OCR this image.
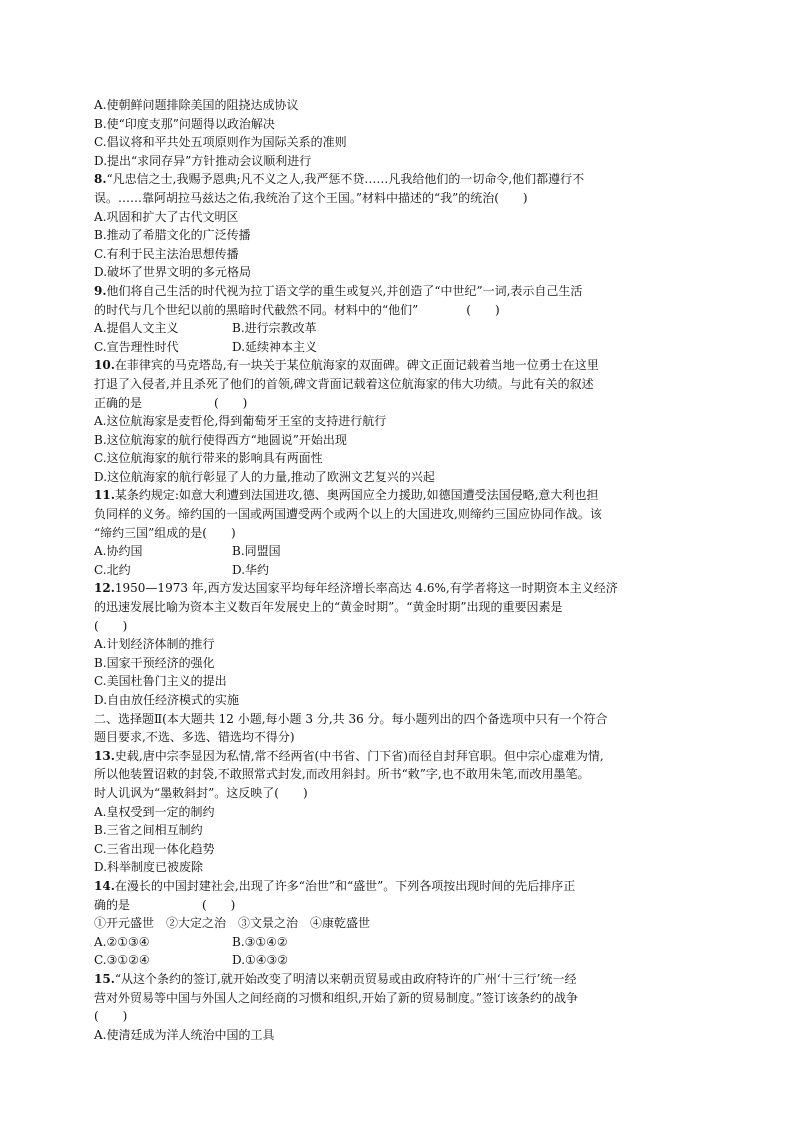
A.使朝鲜问题排除美国的阻挠达成协议
B.使“印度支那”问题得以政治解决
C.倡议将和平共处五项原则作为国际关系的准则
D.提出“求同存异”方针推动会议顺利进行
8.“凡忠信之士,我赐予恩典;凡不义之人,我严惩不贷……凡我给他们的一切命令,他们都遵行不
误。……靠阿胡拉马兹达之佑,我统治了这个王国。”材料中描述的“我”的统治(　　)
A.巩固和扩大了古代文明区
B.推动了希腊文化的广泛传播
C.有利于民主法治思想传播
D.破坏了世界文明的多元格局
9.他们将自己生活的时代视为拉丁语文学的重生或复兴,并创造了“中世纪”一词,表示自己生活
的时代与几个世纪以前的黑暗时代截然不同。材料中的“他们”　　　　(　　)
A.提倡人文主义	B.进行宗教改革
C.宣告理性时代	D.延续神本主义
10.在菲律宾的马克塔岛,有一块关于某位航海家的双面碑。碑文正面记载着当地一位勇士在这里
打退了入侵者,并且杀死了他们的首领,碑文背面记载着这位航海家的伟大功绩。与此有关的叙述
正确的是　　　　　　(　　)
A.这位航海家是麦哲伦,得到葡萄牙王室的支持进行航行
B.这位航海家的航行使得西方“地圆说”开始出现
C.这位航海家的航行带来的影响具有两面性
D.这位航海家的航行彰显了人的力量,推动了欧洲文艺复兴的兴起
11.某条约规定:如意大利遭到法国进攻,德、奥两国应全力援助,如德国遭受法国侵略,意大利也担
负同样的义务。缔约国的一国或两国遭受两个或两个以上的大国进攻,则缔约三国应协同作战。该
“缔约三国”组成的是(　　)
A.协约国	B.同盟国
C.北约	D.华约
12.1950—1973 年,西方发达国家平均每年经济增长率高达 4.6%,有学者将这一时期资本主义经济
的迅速发展比喻为资本主义数百年发展史上的“黄金时期”。“黄金时期”出现的重要因素是
(　　)
A.计划经济体制的推行
B.国家干预经济的强化
C.美国杜鲁门主义的提出
D.自由放任经济模式的实施
二、选择题Ⅱ(本大题共 12 小题,每小题 3 分,共 36 分。每小题列出的四个备选项中只有一个符合
题目要求,不选、多选、错选均不得分)
13.史载,唐中宗李显因为私情,常不经两省(中书省、门下省)而径自封拜官职。但中宗心虚难为情,
所以他装置诏敕的封袋,不敢照常式封发,而改用斜封。所书“敕”字,也不敢用朱笔,而改用墨笔。
时人讥讽为“墨敕斜封”。这反映了(　　)
A.皇权受到一定的制约
B.三省之间相互制约
C.三省出现一体化趋势
D.科举制度已被废除
14.在漫长的中国封建社会,出现了许多“治世”和“盛世”。下列各项按出现时间的先后排序正
确的是　　　　　　(　　)
①开元盛世　②大定之治　③文景之治　④康乾盛世
A.②①③④	B.③①④②
C.③①②④	D.①④③②
15.“从这个条约的签订,就开始改变了明清以来朝贡贸易或由政府特许的广州‘十三行’统一经
营对外贸易等中国与外国人之间经商的习惯和组织,开始了新的贸易制度。”签订该条约的战争
(　　)
A.使清廷成为洋人统治中国的工具
